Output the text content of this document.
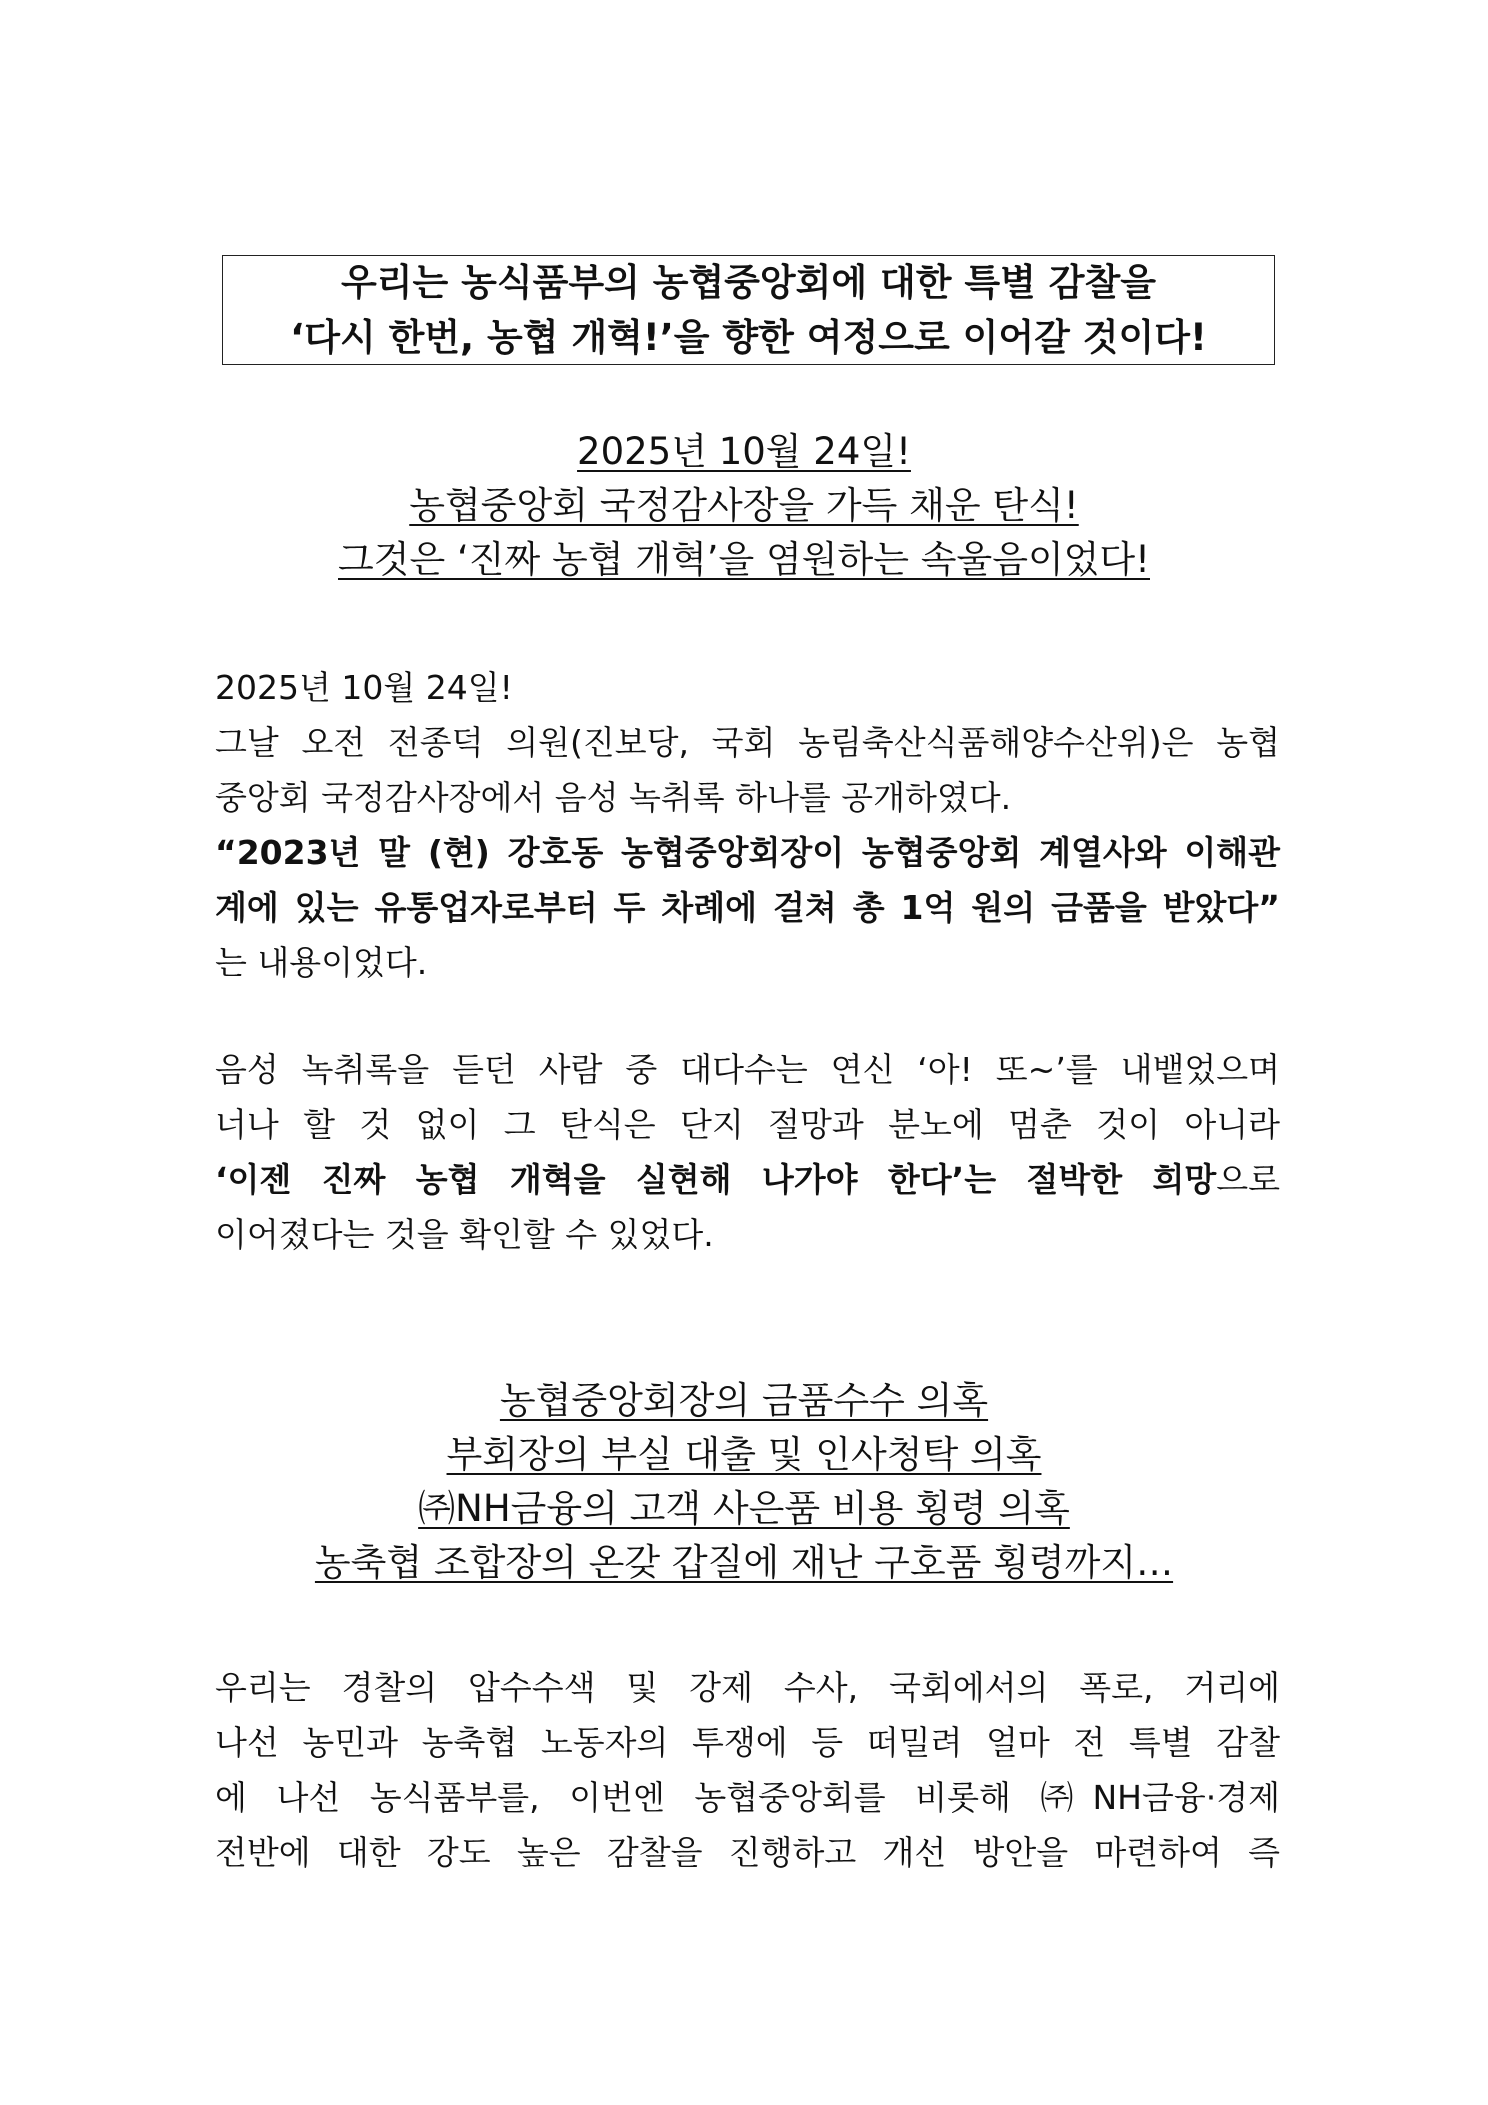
우리는 농식품부의 농협중앙회에 대한 특별 감찰을
‘다시 한번, 농협 개혁!’을 향한 여정으로 이어갈 것이다!
2025년 10월 24일!
농협중앙회 국정감사장을 가득 채운 탄식!
그것은 ‘진짜 농협 개혁’을 염원하는 속울음이었다!
2025년 10월 24일!
그날 오전 전종덕 의원(진보당, 국회 농림축산식품해양수산위)은 농협
중앙회 국정감사장에서 음성 녹취록 하나를 공개하였다.
“2023년 말 (현) 강호동 농협중앙회장이 농협중앙회 계열사와 이해관
계에 있는 유통업자로부터 두 차례에 걸쳐 총 1억 원의 금품을 받았다”
는 내용이었다.
음성 녹취록을 듣던 사람 중 대다수는 연신 ‘아! 또~’를 내뱉었으며
너나 할 것 없이 그 탄식은 단지 절망과 분노에 멈춘 것이 아니라
‘이젠 진짜 농협 개혁을 실현해 나가야 한다’는 절박한 희망으로
이어졌다는 것을 확인할 수 있었다.
농협중앙회장의 금품수수 의혹
부회장의 부실 대출 및 인사청탁 의혹
㈜NH금융의 고객 사은품 비용 횡령 의혹
농축협 조합장의 온갖 갑질에 재난 구호품 횡령까지…
우리는 경찰의 압수수색 및 강제 수사, 국회에서의 폭로, 거리에
나선 농민과 농축협 노동자의 투쟁에 등 떠밀려 얼마 전 특별 감찰
에 나선 농식품부를, 이번엔 농협중앙회를 비롯해 ㈜NH금융·경제
전반에 대한 강도 높은 감찰을 진행하고 개선 방안을 마련하여 즉
